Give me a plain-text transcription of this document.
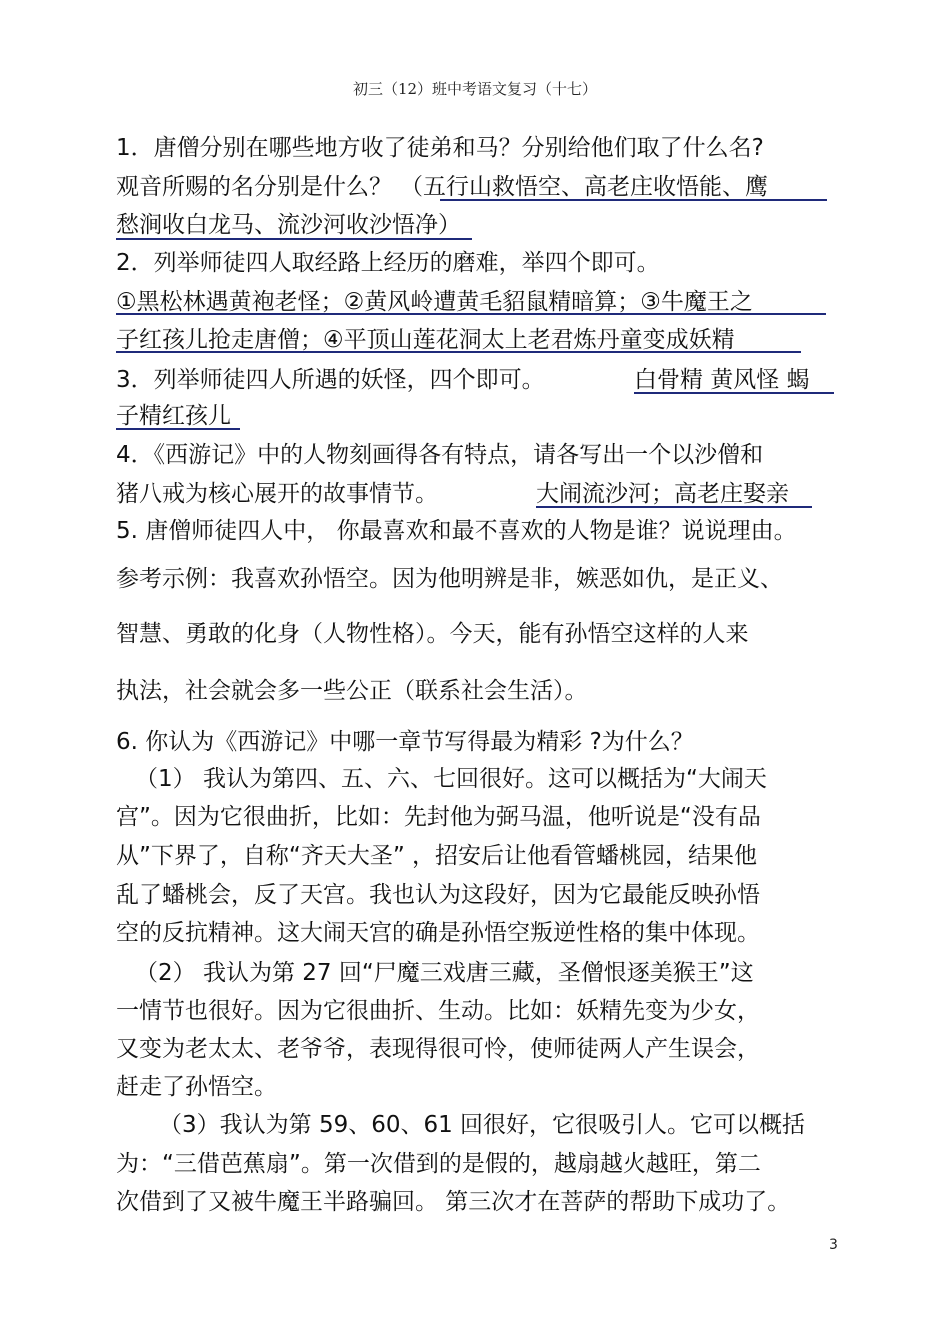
初三（12）班中考语文复习（十七）
1．唐僧分别在哪些地方收了徒弟和马？分别给他们取了什么名?
观音所赐的名分别是什么？ （五行山救悟空、高老庄收悟能、鹰
愁涧收白龙马、流沙河收沙悟净）
2．列举师徒四人取经路上经历的磨难，举四个即可。
①黑松林遇黄袍老怪；②黄风岭遭黄毛貂鼠精暗算；③牛魔王之
子红孩儿抢走唐僧；④平顶山莲花洞太上老君炼丹童变成妖精
3．列举师徒四人所遇的妖怪，四个即可。	白骨精 黄风怪 蝎
子精红孩儿
4．《西游记》中的人物刻画得各有特点，请各写出一个以沙僧和
猪八戒为核心展开的故事情节。	大闹流沙河；高老庄娶亲
5. 唐僧师徒四人中， 你最喜欢和最不喜欢的人物是谁？说说理由。
参考示例：我喜欢孙悟空。因为他明辨是非，嫉恶如仇，是正义、
智慧、勇敢的化身（人物性格）。今天，能有孙悟空这样的人来
执法，社会就会多一些公正（联系社会生活）。
6. 你认为《西游记》中哪一章节写得最为精彩 ?为什么？
（1） 我认为第四、五、六、七回很好。这可以概括为“大闹天
宫”。因为它很曲折，比如：先封他为弼马温，他听说是“没有品
从”下界了，自称“齐天大圣” ，招安后让他看管蟠桃园，结果他
乱了蟠桃会，反了天宫。我也认为这段好，因为它最能反映孙悟
空的反抗精神。这大闹天宫的确是孙悟空叛逆性格的集中体现。
（2） 我认为第 27 回“尸魔三戏唐三藏，圣僧恨逐美猴王”这
一情节也很好。因为它很曲折、生动。比如：妖精先变为少女，
又变为老太太、老爷爷，表现得很可怜，使师徒两人产生误会，
赶走了孙悟空。
（3）我认为第 59、60、61 回很好，它很吸引人。它可以概括
为：“三借芭蕉扇”。第一次借到的是假的，越扇越火越旺，第二
次借到了又被牛魔王半路骗回。 第三次才在菩萨的帮助下成功了。
3
